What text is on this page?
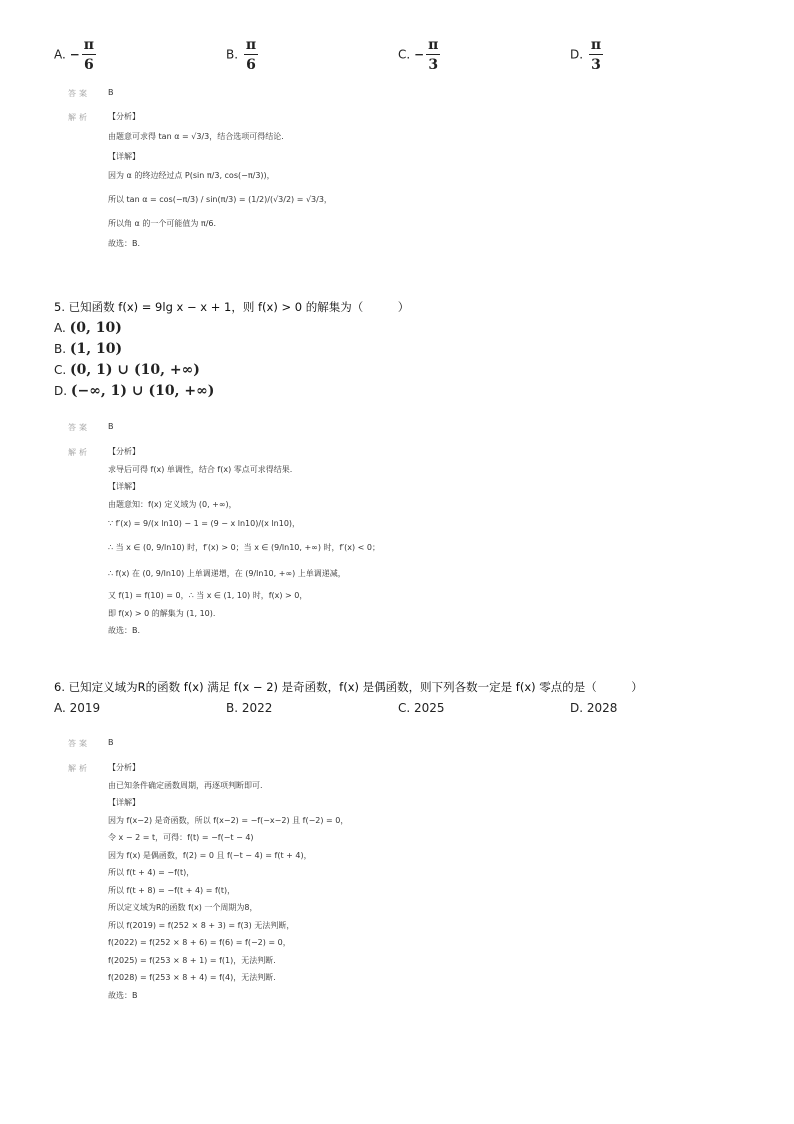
A. − $\frac{\pi}{6}$	B. $\frac{\pi}{6}$	C. − $\frac{\pi}{3}$	D. $\frac{\pi}{3}$
答案 B
解析 【分析】
由题意可求得 tan α = √3/3，结合选项可得结论.
【详解】
因为 α 的终边经过点 P(sin π/3, cos(−π/3))，
所以 tan α = cos(−π/3) / sin(π/3) = (1/2)/(√3/2) = √3/3，
所以角 α 的一个可能值为 π/6.
故选：B.
5. 已知函数 f(x) = 9lg x − x + 1，则 f(x) > 0 的解集为（　　　）
A. (0, 10)
B. (1, 10)
C. (0, 1) ∪ (10, +∞)
D. (−∞, 1) ∪ (10, +∞)
答案 B
解析 【分析】
求导后可得 f(x) 单调性，结合 f(x) 零点可求得结果.
【详解】
由题意知：f(x) 定义域为 (0, +∞)，
∵ f′(x) = 9/(x ln10) − 1 = (9 − x ln10)/(x ln10)，
∴ 当 x ∈ (0, 9/ln10) 时，f′(x) > 0；当 x ∈ (9/ln10, +∞) 时，f′(x) < 0；
∴ f(x) 在 (0, 9/ln10) 上单调递增，在 (9/ln10, +∞) 上单调递减，
又 f(1) = f(10) = 0，∴ 当 x ∈ (1, 10) 时，f(x) > 0，
即 f(x) > 0 的解集为 (1, 10).
故选：B.
6. 已知定义域为R的函数 f(x) 满足 f(x − 2) 是奇函数，f(x) 是偶函数，则下列各数一定是 f(x) 零点的是（　　　）
A. 2019	B. 2022	C. 2025	D. 2028
答案 B
解析 【分析】
由已知条件确定函数周期，再逐项判断即可.
【详解】
因为 f(x−2) 是奇函数，所以 f(x−2) = −f(−x−2) 且 f(−2) = 0，
令 x − 2 = t，可得：f(t) = −f(−t − 4)
因为 f(x) 是偶函数，f(2) = 0 且 f(−t − 4) = f(t + 4)，
所以 f(t + 4) = −f(t)，
所以 f(t + 8) = −f(t + 4) = f(t)，
所以定义域为R的函数 f(x) 一个周期为8，
所以 f(2019) = f(252 × 8 + 3) = f(3) 无法判断，
f(2022) = f(252 × 8 + 6) = f(6) = f(−2) = 0，
f(2025) = f(253 × 8 + 1) = f(1)，无法判断.
f(2028) = f(253 × 8 + 4) = f(4)，无法判断.
故选：B
